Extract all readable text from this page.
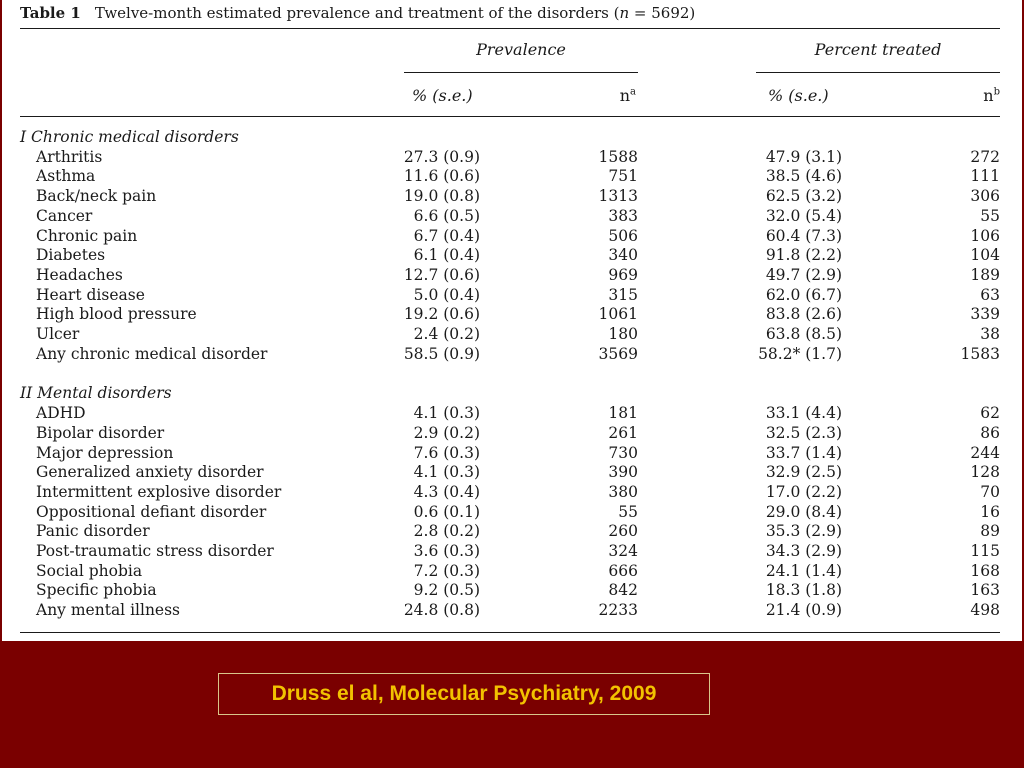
Table 1 Twelve-month estimated prevalence and treatment of the disorders (n = 5692)
Prevalence	Percent treated
% (s.e.)	$n^a$	% (s.e.)	$n^b$
I Chronic medical disorders
Arthritis	27.3 (0.9)	1588	47.9 (3.1)	272
Asthma	11.6 (0.6)	751	38.5 (4.6)	111
Back/neck pain	19.0 (0.8)	1313	62.5 (3.2)	306
Cancer	6.6 (0.5)	383	32.0 (5.4)	55
Chronic pain	6.7 (0.4)	506	60.4 (7.3)	106
Diabetes	6.1 (0.4)	340	91.8 (2.2)	104
Headaches	12.7 (0.6)	969	49.7 (2.9)	189
Heart disease	5.0 (0.4)	315	62.0 (6.7)	63
High blood pressure	19.2 (0.6)	1061	83.8 (2.6)	339
Ulcer	2.4 (0.2)	180	63.8 (8.5)	38
Any chronic medical disorder	58.5 (0.9)	3569	58.2* (1.7)	1583
II Mental disorders
ADHD	4.1 (0.3)	181	33.1 (4.4)	62
Bipolar disorder	2.9 (0.2)	261	32.5 (2.3)	86
Major depression	7.6 (0.3)	730	33.7 (1.4)	244
Generalized anxiety disorder	4.1 (0.3)	390	32.9 (2.5)	128
Intermittent explosive disorder	4.3 (0.4)	380	17.0 (2.2)	70
Oppositional defiant disorder	0.6 (0.1)	55	29.0 (8.4)	16
Panic disorder	2.8 (0.2)	260	35.3 (2.9)	89
Post-traumatic stress disorder	3.6 (0.3)	324	34.3 (2.9)	115
Social phobia	7.2 (0.3)	666	24.1 (1.4)	168
Specific phobia	9.2 (0.5)	842	18.3 (1.8)	163
Any mental illness	24.8 (0.8)	2233	21.4 (0.9)	498
Druss el al, Molecular Psychiatry, 2009
